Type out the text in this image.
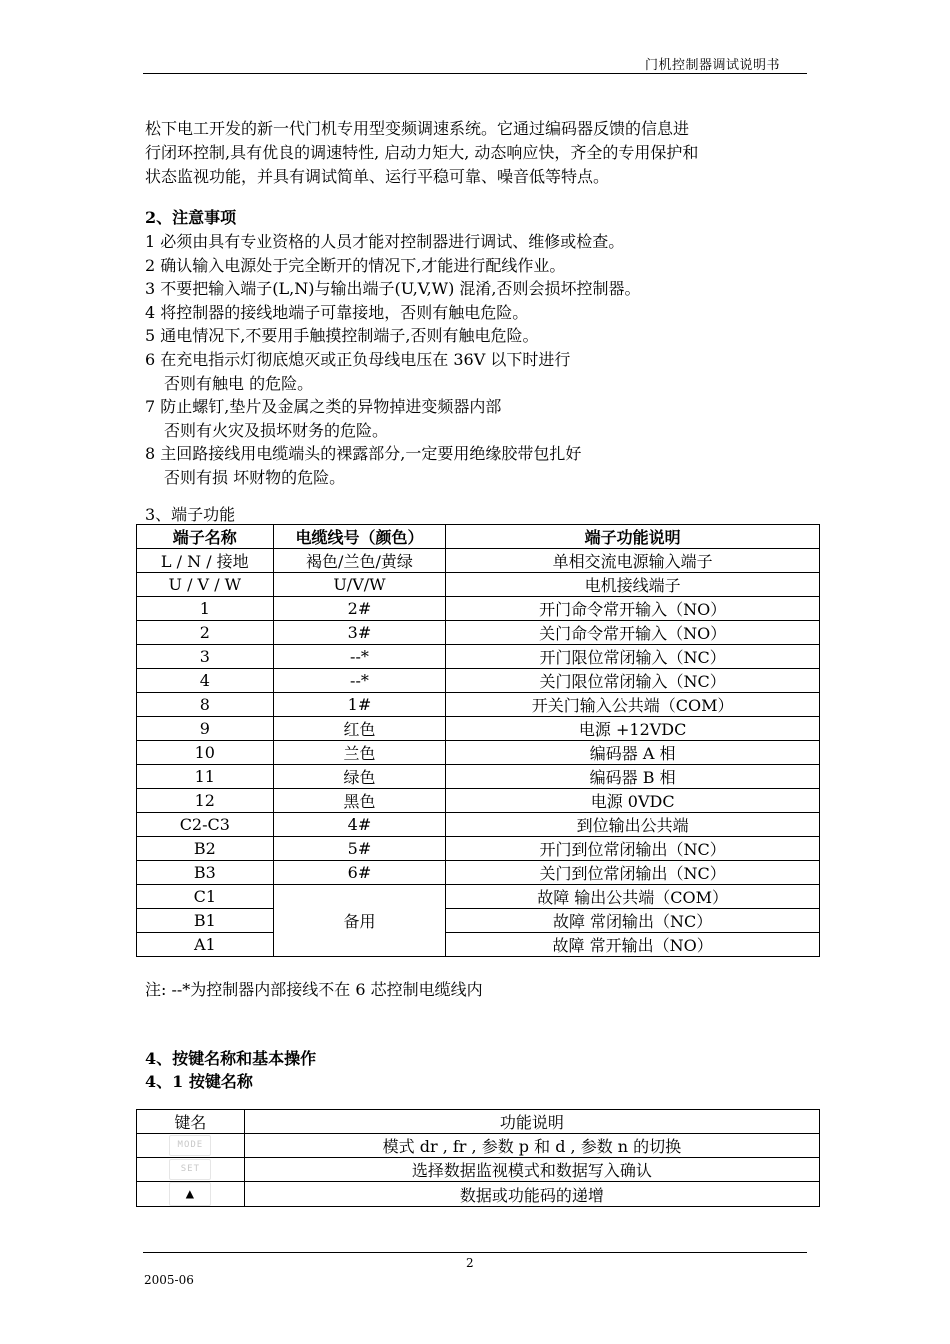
门机控制器调试说明书

松下电工开发的新一代门机专用型变频调速系统。它通过编码器反馈的信息进

行闭环控制,具有优良的调速特性, 启动力矩大, 动态响应快，齐全的专用保护和

状态监视功能，并具有调试简单、运行平稳可靠、噪音低等特点。

2、注意事项
1 必须由具有专业资格的人员才能对控制器进行调试、维修或检查。
2 确认输入电源处于完全断开的情况下,才能进行配线作业。
3 不要把输入端子(L,N)与输出端子(U,V,W) 混淆,否则会损坏控制器。
4 将控制器的接线地端子可靠接地，否则有触电危险。
5 通电情况下,不要用手触摸控制端子,否则有触电危险。
6 在充电指示灯彻底熄灭或正负母线电压在 36V 以下时进行
否则有触电 的危险。
7 防止螺钉,垫片及金属之类的异物掉进变频器内部
否则有火灾及损坏财务的危险。
8 主回路接线用电缆端头的裸露部分,一定要用绝缘胶带包扎好
否则有损 坏财物的危险。
3、端子功能
端子名称	电缆线号（颜色）	端子功能说明
L / N / 接地	褐色/兰色/黄绿	单相交流电源输入端子
U / V / W	U/V/W	电机接线端子
1	2#	开门命令常开输入（NO）
2	3#	关门命令常开输入（NO）
3	--*	开门限位常闭输入（NC）
4	--*	关门限位常闭输入（NC）
8	1#	开关门输入公共端（COM）
9	红色	电源 +12VDC
10	兰色	编码器 A 相
11	绿色	编码器 B 相
12	黑色	电源 0VDC
C2-C3	4#	到位输出公共端
B2	5#	开门到位常闭输出（NC）
B3	6#	关门到位常闭输出（NC）
C1	备用	故障 输出公共端（COM）
B1		故障 常闭输出（NC）
A1		故障 常开输出（NO）
注: --*为控制器内部接线不在 6 芯控制电缆线内
4、按键名称和基本操作
4、1 按键名称
键名	功能说明
MODE	模式 dr , fr , 参数 p 和 d , 参数 n 的切换
SET	选择数据监视模式和数据写入确认
▲	数据或功能码的递增
2
2005-06
